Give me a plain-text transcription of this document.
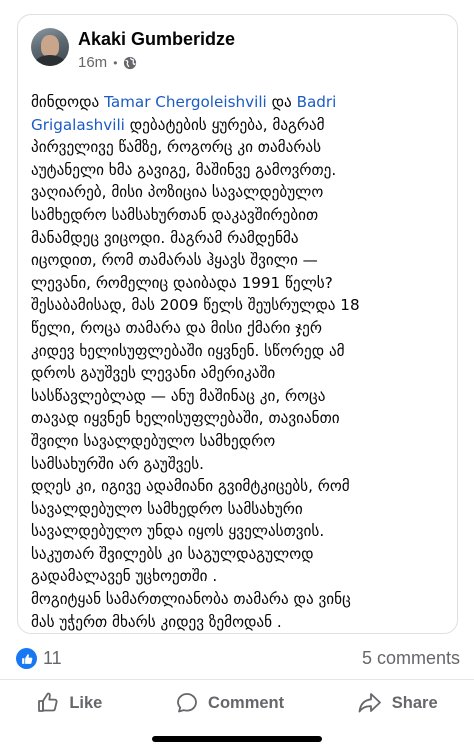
Akaki Gumberidze
16m •
მინდოდა Tamar Chergoleishvili და Badri
Grigalashvili დებატების ყურება, მაგრამ
პირველივე წამზე, როგორც კი თამარას
აუტანელი ხმა გავიგე, მაშინვე გამოვრთე.
ვაღიარებ, მისი პოზიცია სავალდებულო
სამხედრო სამსახურთან დაკავშირებით
მანამდეც ვიცოდი. მაგრამ რამდენმა
იცოდით, რომ თამარას ჰყავს შვილი —
ლევანი, რომელიც დაიბადა 1991 წელს?
შესაბამისად, მას 2009 წელს შეუსრულდა 18
წელი, როცა თამარა და მისი ქმარი ჯერ
კიდევ ხელისუფლებაში იყვნენ. სწორედ ამ
დროს გაუშვეს ლევანი ამერიკაში
სასწავლებლად — ანუ მაშინაც კი, როცა
თავად იყვნენ ხელისუფლებაში, თავიანთი
შვილი სავალდებულო სამხედრო
სამსახურში არ გაუშვეს.
დღეს კი, იგივე ადამიანი გვიმტკიცებს, რომ
სავალდებულო სამხედრო სამსახური
სავალდებულო უნდა იყოს ყველასთვის.
საკუთარ შვილებს კი საგულდაგულოდ
გადამალავენ უცხოეთში .
მოგიტყან სამართლიანობა თამარა და ვინც
მას უჭერთ მხარს კიდევ ზემოდან .
11	5 comments
Like	Comment	Share
